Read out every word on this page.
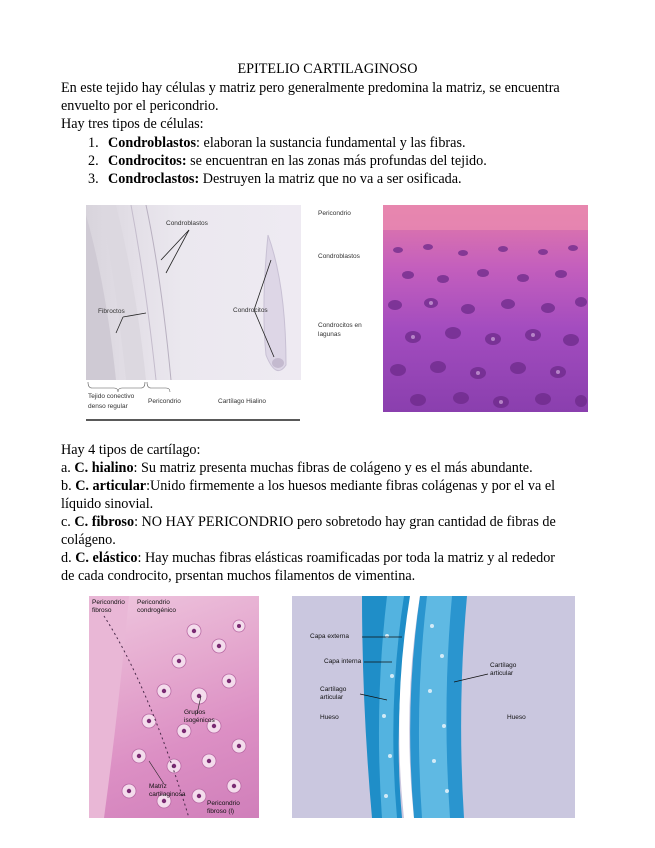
EPITELIO CARTILAGINOSO
En este tejido hay células y matriz pero generalmente predomina la matriz, se encuentra envuelto por el pericondrio.
Hay tres tipos de células:
1. Condroblastos: elaboran la sustancia fundamental y las fibras.
2. Condrocitos: se encuentran en las zonas más profundas del tejido.
3. Condroclastos: Destruyen la matriz que no va a ser osificada.
Condroblastos
Fibroctos	Condrocitos
Tejido conectivo
denso regular
Pericondrio	Cartílago Hialino
Pericondrio
Condroblastos
Condrocitos en
lagunas
Hay 4 tipos de cartílago:
a. C. hialino: Su matriz presenta muchas fibras de colágeno y es el más abundante.
b. C. articular:Unido firmemente a los huesos mediante fibras colágenas y por el va el
líquido sinovial.
c. C. fibroso: NO HAY PERICONDRIO pero sobretodo hay gran cantidad de fibras de
colágeno.
d. C. elástico: Hay muchas fibras elásticas roamificadas por toda la matriz y al rededor
de cada condrocito, prsentan muchos filamentos de vimentina.
Pericondrio
fibroso
Pericondrio
condrogénico
Grupos
isogénicos
Matriz
cartilaginosa
Pericondrio
fibroso (l)
Capa externa
Capa interna
Cartílago
articular
Hueso
Cartílago
articular
Hueso
